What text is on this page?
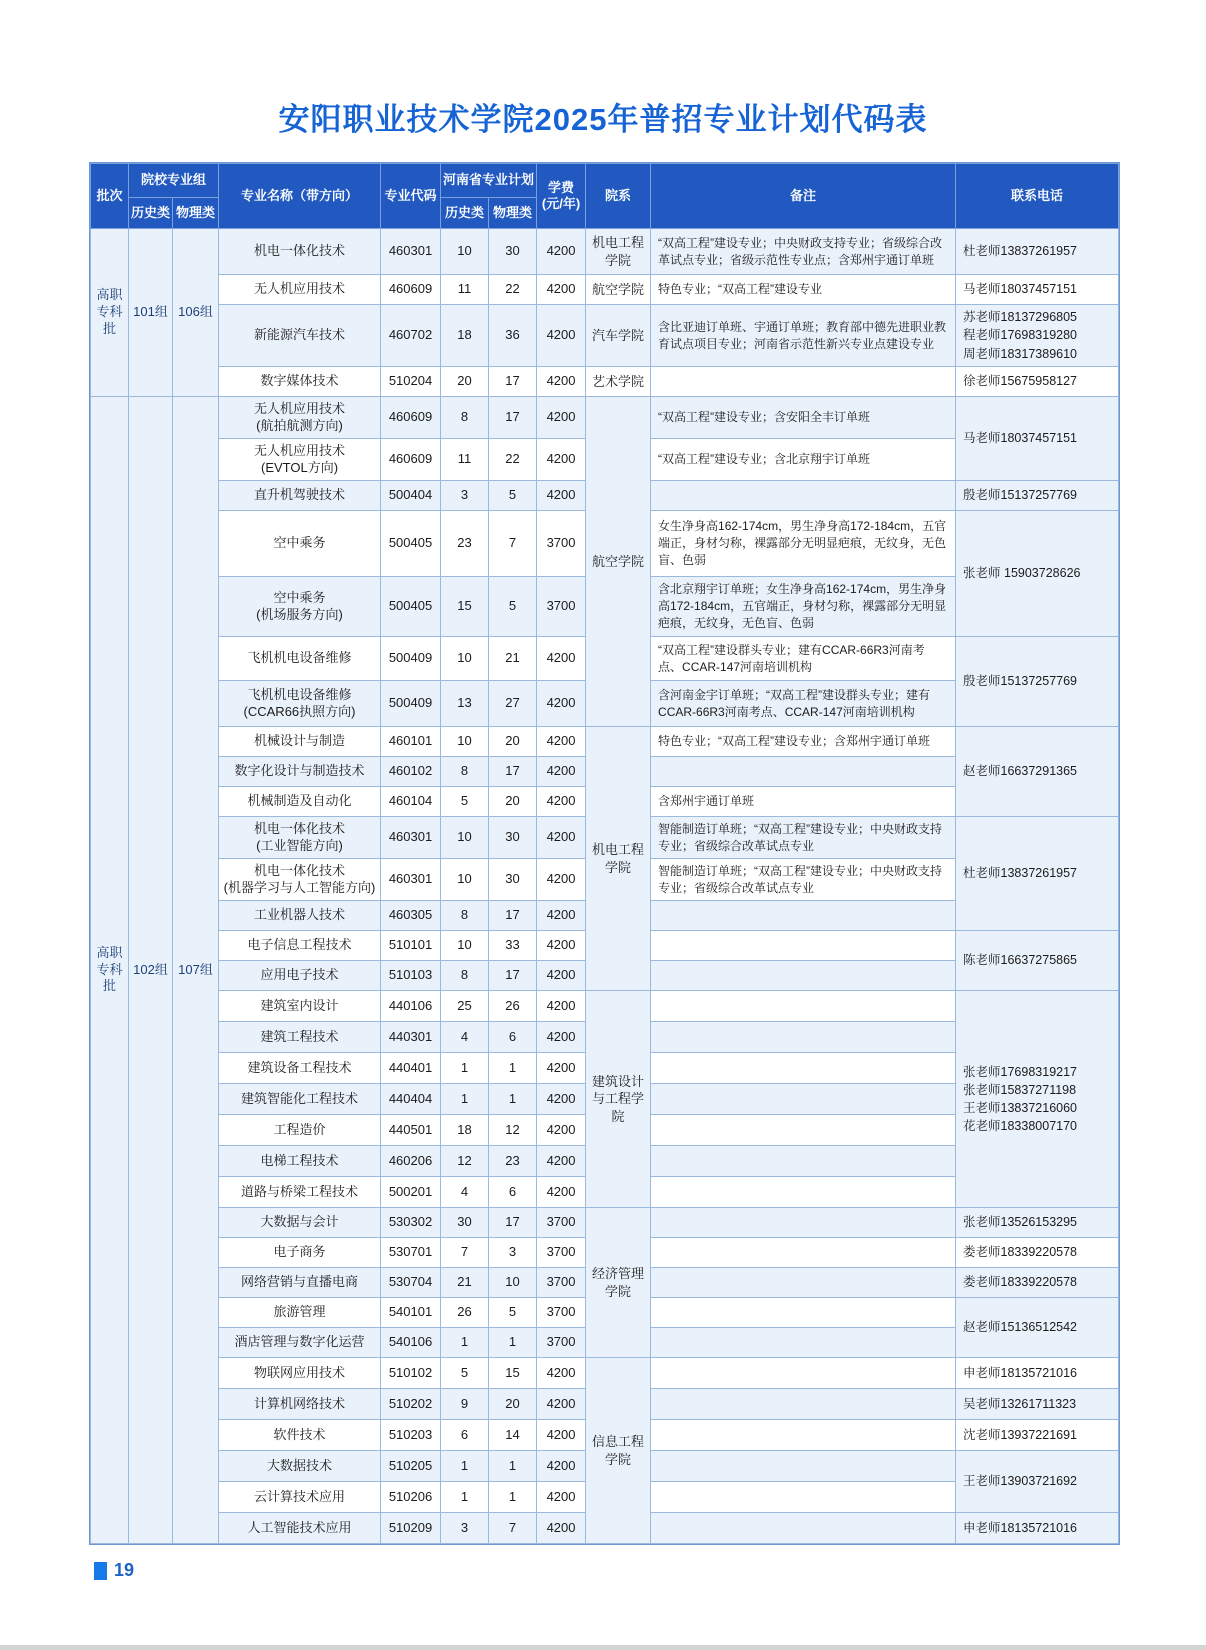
安阳职业技术学院2025年普招专业计划代码表
批次	院校专业组		专业名称（带方向）	专业代码	河南省专业计划		学费
(元/年)	院系	备注	联系电话
	历史类	物理类			历史类	物理类				
高职专科批	101组	106组	机电一体化技术	460301	10	30	4200	机电工程学院	“双高工程”建设专业；中央财政支持专业；省级综合改革试点专业；省级示范性专业点；含郑州宇通订单班	杜老师13837261957

			无人机应用技术	460609	11	22	4200	航空学院	特色专业；“双高工程”建设专业	马老师18037457151

			新能源汽车技术	460702	18	36	4200	汽车学院	含比亚迪订单班、宇通订单班；教育部中德先进职业教育试点项目专业；河南省示范性新兴专业点建设专业	苏老师18137296805
程老师17698319280
周老师18317389610

			数字媒体技术	510204	20	17	4200	艺术学院		徐老师15675958127

高职专科批	102组	107组	无人机应用技术
(航拍航测方向)	460609	8	17	4200	航空学院	“双高工程”建设专业；含安阳全丰订单班	马老师18037457151

			无人机应用技术
(EVTOL方向)	460609	11	22	4200		“双高工程”建设专业；含北京翔宇订单班	

			直升机驾驶技术	500404	3	5	4200			殷老师15137257769

			空中乘务	500405	23	7	3700		女生净身高162-174cm，男生净身高172-184cm，五官端正，身材匀称，裸露部分无明显疤痕，无纹身，无色盲、色弱	张老师 15903728626

			空中乘务
(机场服务方向)	500405	15	5	3700		含北京翔宇订单班；女生净身高162-174cm，男生净身高172-184cm，五官端正，身材匀称，裸露部分无明显疤痕，无纹身，无色盲、色弱	

			飞机机电设备维修	500409	10	21	4200		“双高工程”建设群头专业；建有CCAR-66R3河南考点、CCAR-147河南培训机构	殷老师15137257769

			飞机机电设备维修
(CCAR66执照方向)	500409	13	27	4200		含河南金宇订单班；“双高工程”建设群头专业；建有CCAR-66R3河南考点、CCAR-147河南培训机构	

			机械设计与制造	460101	10	20	4200	机电工程学院	特色专业；“双高工程”建设专业；含郑州宇通订单班	赵老师16637291365

			数字化设计与制造技术	460102	8	17	4200			

			机械制造及自动化	460104	5	20	4200		含郑州宇通订单班	

			机电一体化技术
(工业智能方向)	460301	10	30	4200		智能制造订单班；“双高工程”建设专业；中央财政支持专业；省级综合改革试点专业	杜老师13837261957

			机电一体化技术
(机器学习与人工智能方向)	460301	10	30	4200		智能制造订单班；“双高工程”建设专业；中央财政支持专业；省级综合改革试点专业	

			工业机器人技术	460305	8	17	4200			

			电子信息工程技术	510101	10	33	4200			陈老师16637275865

			应用电子技术	510103	8	17	4200			

			建筑室内设计	440106	25	26	4200	建筑设计与工程学院		张老师17698319217
张老师15837271198
王老师13837216060
花老师18338007170

			建筑工程技术	440301	4	6	4200			

			建筑设备工程技术	440401	1	1	4200			

			建筑智能化工程技术	440404	1	1	4200			

			工程造价	440501	18	12	4200			

			电梯工程技术	460206	12	23	4200			

			道路与桥梁工程技术	500201	4	6	4200			

			大数据与会计	530302	30	17	3700	经济管理学院		张老师13526153295

			电子商务	530701	7	3	3700			娄老师18339220578

			网络营销与直播电商	530704	21	10	3700			娄老师18339220578

			旅游管理	540101	26	5	3700			赵老师15136512542

			酒店管理与数字化运营	540106	1	1	3700			

			物联网应用技术	510102	5	15	4200	信息工程学院		申老师18135721016

			计算机网络技术	510202	9	20	4200			吴老师13261711323

			软件技术	510203	6	14	4200			沈老师13937221691

			大数据技术	510205	1	1	4200			王老师13903721692

			云计算技术应用	510206	1	1	4200			

			人工智能技术应用	510209	3	7	4200			申老师18135721016
19
